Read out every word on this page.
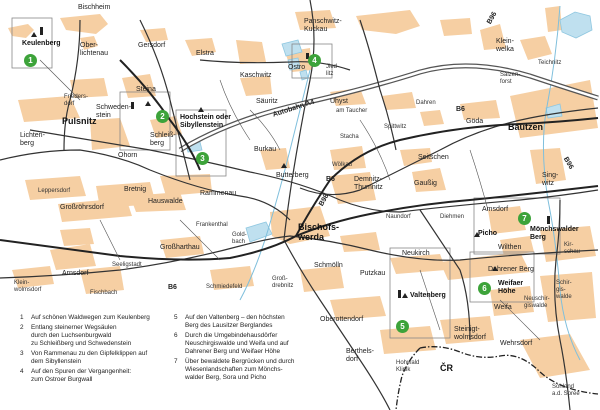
Keulenberg
Bischheim
Ober-
lichtenau
Gersdorf
Elstra
Panschwitz-
Kuckau
Klein-
welka
Teichnitz
Salzen-
forst
Ostro	Jied-
litz
Kaschwitz
Steina
Frieders-
dorf
Pulsnitz
Schweden-
stein
Schleiß-
berg
Hochstein oder
Sibyllenstein
Säuritz	Uhyst
am Taucher
Dahren
Göda
Bautzen
Lichten-
berg
Ohorn
Burkau
Stacha
Spittwitz
Seitschen
Wölkau
Sing-
witz
Leppersdorf	Bretnig
Rammenau
Butterberg
Demnitz-
Thumnitz
Gaußig
Großröhrsdorf
Hauswalde
Frankenthal
Gold-
bach
Bischofs-
werda
Naundorf	Diehmen
Amsdorf
Picho
Wilthen
Mönchswalder
Berg
Kir-
schau
Großharthau
Seeligstadt
Arnsdorf
Schmölln
Putzkau
Neukirch
Dahrener Berg
Weifaer
Höhe
Schir-
gis-
walde
Neuschir-
giswalde
Weifa
Klein-
wolmsdorf	Fischbach
Schmiedefeld
Groß-
drebnitz
Valtenberg
Oberottendorf
Steinigt-
wolmsdorf
Wehrsdorf
Berthels-
dorf	Hohwald
Klinik
Sohland
a.d. Spree
ČR
Autobahn A4	B6
B6
B6
B96
B96
B98
1
2
3
4
5
6
7
1 Auf schönen Waldwegen zum Keulenberg
2 Entlang steinerner Wegsäulen
durch den Luchsenburgwald
zu Schleißberg und Schwedenstein
3 Von Rammenau zu den Gipfelklippen auf
dem Sibyllenstein
4 Auf den Spuren der Vergangenheit:
zum Ostroer Burgwall
5 Auf den Valtenberg – den höchsten
Berg des Lausitzer Berglandes
6 Durch die Umgebindehausdörfer
Neuschirgiswalde und Weifa und auf
Dahrener Berg und Weifaer Höhe
7 Über bewaldete Bergrücken und durch
Wiesenlandschaften zum Mönchs-
walder Berg, Sora und Picho
